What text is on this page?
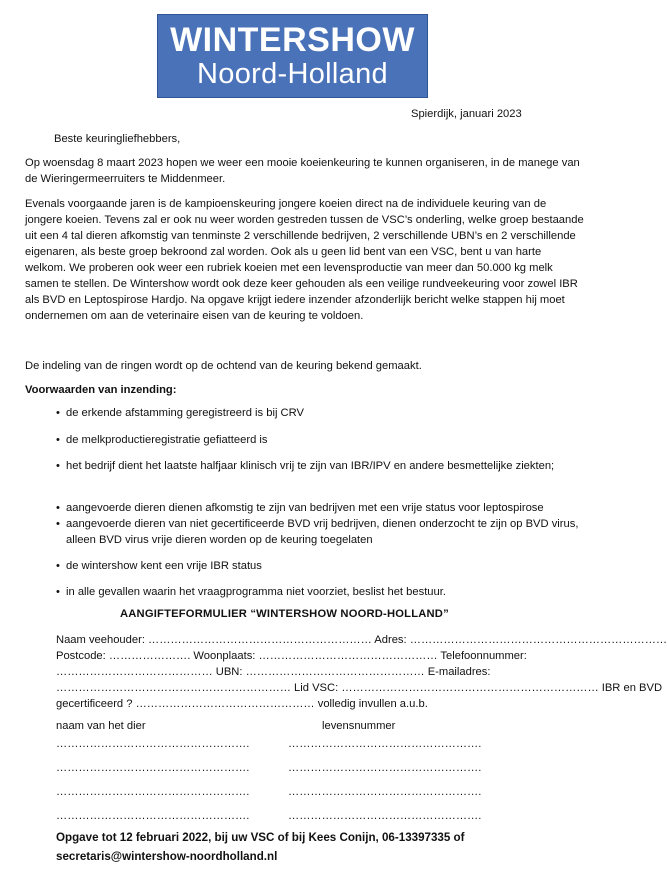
WINTERSHOW
Noord-Holland
Spierdijk, januari 2023
Beste keuringliefhebbers,
Op woensdag 8 maart 2023 hopen we weer een mooie koeienkeuring te kunnen organiseren, in de manege van de Wieringermeerruiters te Middenmeer.
Evenals voorgaande jaren is de kampioenskeuring jongere koeien direct na de individuele keuring van de jongere koeien. Tevens zal er ook nu weer worden gestreden tussen de VSC’s onderling, welke groep bestaande uit een 4 tal dieren afkomstig van tenminste 2 verschillende bedrijven, 2 verschillende UBN’s en 2 verschillende eigenaren, als beste groep bekroond zal worden. Ook als u geen lid bent van een VSC, bent u van harte welkom. We proberen ook weer een rubriek koeien met een levensproductie van meer dan 50.000 kg melk samen te stellen. De Wintershow wordt ook deze keer gehouden als een veilige rundveekeuring voor zowel IBR als BVD en Leptospirose Hardjo. Na opgave krijgt iedere inzender afzonderlijk bericht welke stappen hij moet ondernemen om aan de veterinaire eisen van de keuring te voldoen.
De indeling van de ringen wordt op de ochtend van de keuring bekend gemaakt.
Voorwaarden van inzending:
• de erkende afstamming geregistreerd is bij CRV
• de melkproductieregistratie gefiatteerd is
• het bedrijf dient het laatste halfjaar klinisch vrij te zijn van IBR/IPV en andere besmettelijke ziekten;
• aangevoerde dieren dienen afkomstig te zijn van bedrijven met een vrije status voor leptospirose
• aangevoerde dieren van niet gecertificeerde BVD vrij bedrijven, dienen onderzocht te zijn op BVD virus, alleen BVD virus vrije dieren worden op de keuring toegelaten
• de wintershow kent een vrije IBR status
• in alle gevallen waarin het vraagprogramma niet voorziet, beslist het bestuur.
AANGIFTEFORMULIER “WINTERSHOW NOORD-HOLLAND”
Naam veehouder: …………………………………………………… Adres: ……………………………………………………………
Postcode: …………………. Woonplaats: ………………………………………… Telefoonnummer:
…………………………………… UBN: ………………………………………… E-mailadres:
……………………………………………………… Lid VSC: …………………………………………………………… IBR en BVD
gecertificeerd ? ………………………………………… volledig invullen a.u.b.
naam van het dier	levensnummer
…………………………………………….	…………………………………………….
…………………………………………….	…………………………………………….
…………………………………………….	…………………………………………….
…………………………………………….	…………………………………………….
Opgave tot 12 februari 2022, bij uw VSC of bij Kees Conijn, 06-13397335 of
secretaris@wintershow-noordholland.nl
